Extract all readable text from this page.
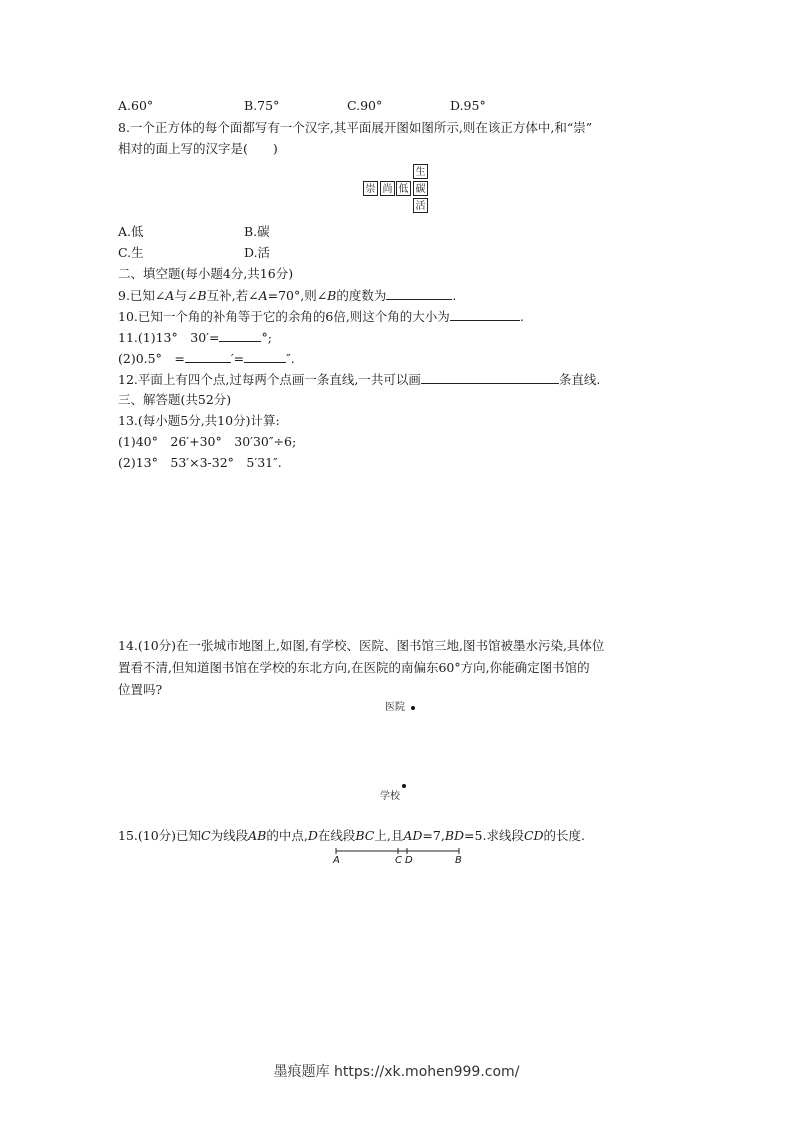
A.60°	B.75°	C.90°	D.95°
8.一个正方体的每个面都写有一个汉字,其平面展开图如图所示,则在该正方体中,和“崇”
相对的面上写的汉字是(　　)
生
崇 尚 低 碳
活
A.低	B.碳
C.生	D.活
二、填空题(每小题4分,共16分)
9.已知∠A与∠B互补,若∠A=70°,则∠B的度数为	.
10.已知一个角的补角等于它的余角的6倍,则这个角的大小为	.
11.(1)13°　30′=	°;
(2)0.5°　=	′=	″.
12.平面上有四个点,过每两个点画一条直线,一共可以画	条直线.
三、解答题(共52分)
13.(每小题5分,共10分)计算:
(1)40°　26′+30°　30′30″÷6;
(2)13°　53′×3-32°　5′31″.
14.(10分)在一张城市地图上,如图,有学校、医院、图书馆三地,图书馆被墨水污染,具体位
置看不清,但知道图书馆在学校的东北方向,在医院的南偏东60°方向,你能确定图书馆的
位置吗?
医院
学校
15.(10分)已知C为线段AB的中点,D在线段BC上,且AD=7,BD=5.求线段CD的长度.
A	C D	B
墨痕题库 https://xk.mohen999.com/
